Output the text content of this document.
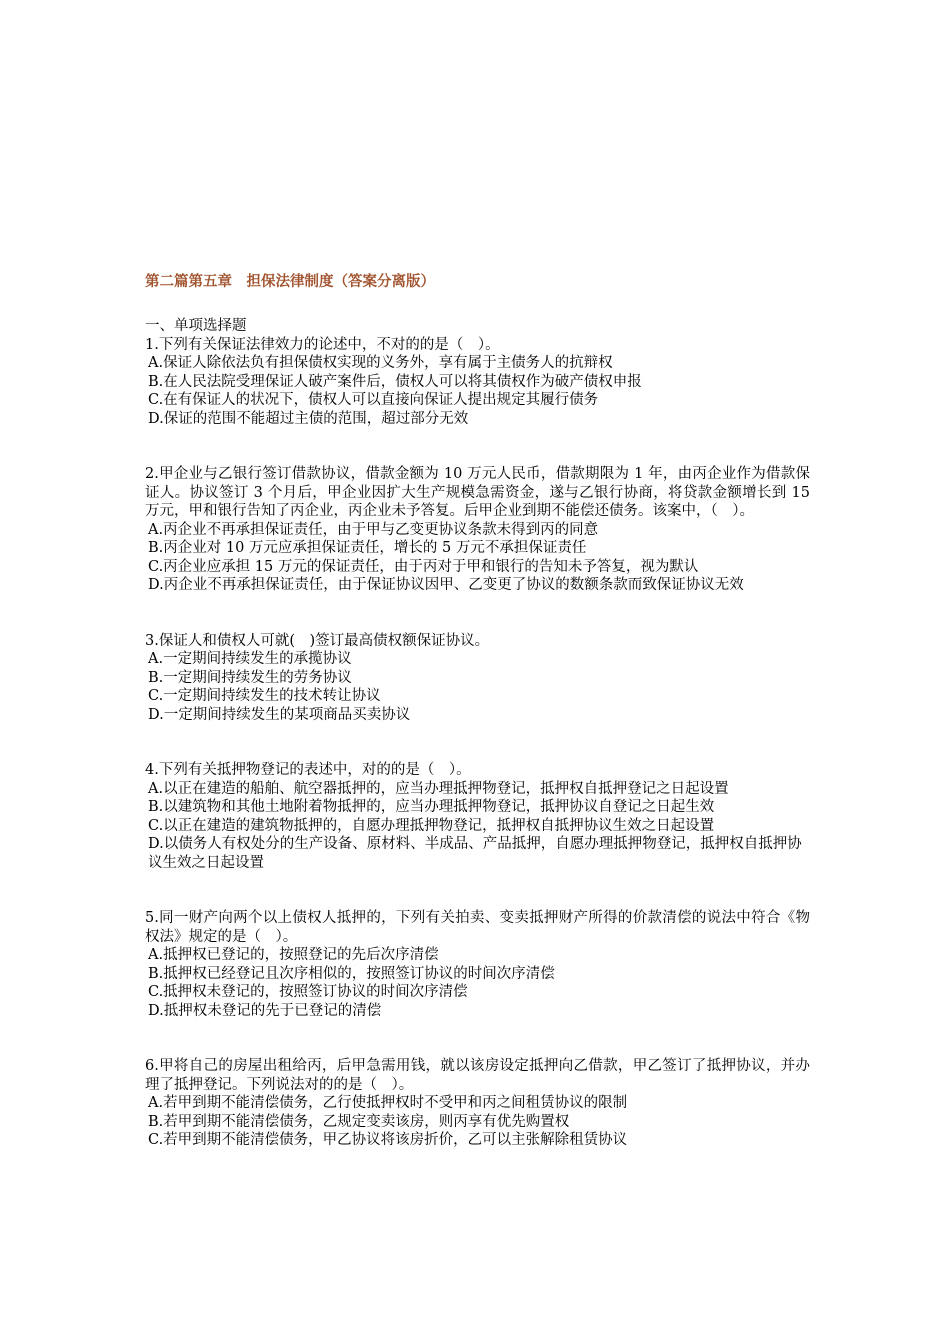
第二篇第五章　担保法律制度（答案分离版）
一、单项选择题

1.下列有关保证法律效力的论述中，不对的的是（　）。

A.保证人除依法负有担保债权实现的义务外，享有属于主债务人的抗辩权

B.在人民法院受理保证人破产案件后，债权人可以将其债权作为破产债权申报

C.在有保证人的状况下，债权人可以直接向保证人提出规定其履行债务

D.保证的范围不能超过主债的范围，超过部分无效

2.甲企业与乙银行签订借款协议，借款金额为 10 万元人民币，借款期限为 1 年，由丙企业作为借款保证人。协议签订 3 个月后，甲企业因扩大生产规模急需资金，遂与乙银行协商，将贷款金额增长到 15 万元，甲和银行告知了丙企业，丙企业未予答复。后甲企业到期不能偿还债务。该案中，（　）。

A.丙企业不再承担保证责任，由于甲与乙变更协议条款未得到丙的同意

B.丙企业对 10 万元应承担保证责任，增长的 5 万元不承担保证责任

C.丙企业应承担 15 万元的保证责任，由于丙对于甲和银行的告知未予答复，视为默认

D.丙企业不再承担保证责任，由于保证协议因甲、乙变更了协议的数额条款而致保证协议无效

3.保证人和债权人可就(　)签订最高债权额保证协议。

A.一定期间持续发生的承揽协议

B.一定期间持续发生的劳务协议

C.一定期间持续发生的技术转让协议

D.一定期间持续发生的某项商品买卖协议

4.下列有关抵押物登记的表述中，对的的是（　）。

A.以正在建造的船舶、航空器抵押的，应当办理抵押物登记，抵押权自抵押登记之日起设置

B.以建筑物和其他土地附着物抵押的，应当办理抵押物登记，抵押协议自登记之日起生效

C.以正在建造的建筑物抵押的，自愿办理抵押物登记，抵押权自抵押协议生效之日起设置

D.以债务人有权处分的生产设备、原材料、半成品、产品抵押，自愿办理抵押物登记，抵押权自抵押协议生效之日起设置

5.同一财产向两个以上债权人抵押的，下列有关拍卖、变卖抵押财产所得的价款清偿的说法中符合《物权法》规定的是（　）。

A.抵押权已登记的，按照登记的先后次序清偿

B.抵押权已经登记且次序相似的，按照签订协议的时间次序清偿

C.抵押权未登记的，按照签订协议的时间次序清偿

D.抵押权未登记的先于已登记的清偿

6.甲将自己的房屋出租给丙，后甲急需用钱，就以该房设定抵押向乙借款，甲乙签订了抵押协议，并办理了抵押登记。下列说法对的的是（　）。

A.若甲到期不能清偿债务，乙行使抵押权时不受甲和丙之间租赁协议的限制

B.若甲到期不能清偿债务，乙规定变卖该房，则丙享有优先购置权

C.若甲到期不能清偿债务，甲乙协议将该房折价，乙可以主张解除租赁协议
